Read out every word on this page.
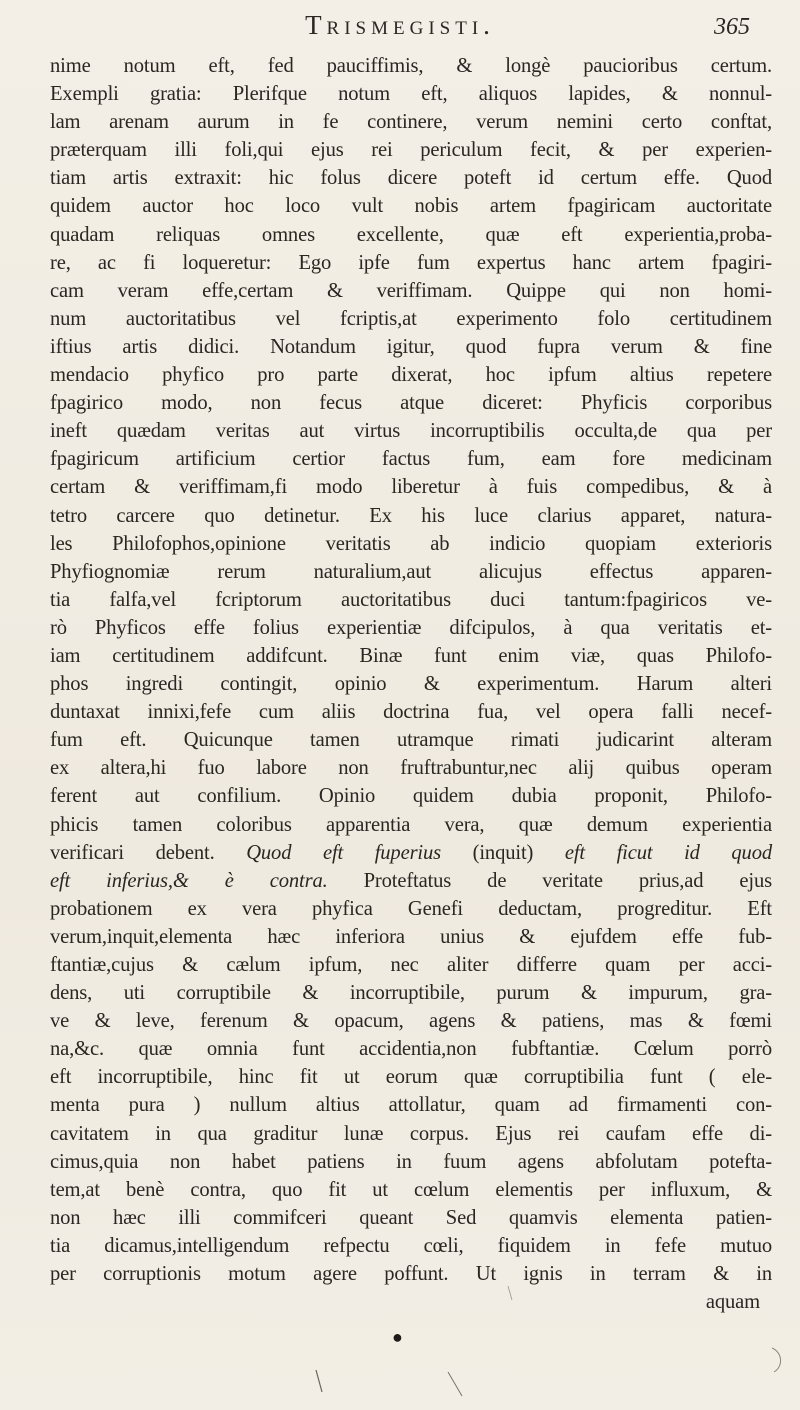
Trismegisti.	365
nime notum eft, fed pauciffimis, & longè paucioribus certum.
Exempli gratia: Plerifque notum eft, aliquos lapides, & nonnul-
lam arenam aurum in fe continere, verum nemini certo conftat,
præterquam illi foli,qui ejus rei periculum fecit, & per experien-
tiam artis extraxit: hic folus dicere poteft id certum effe. Quod
quidem auctor hoc loco vult nobis artem fpagiricam auctoritate
quadam reliquas omnes excellente, quæ eft experientia,proba-
re, ac fi loqueretur: Ego ipfe fum expertus hanc artem fpagiri-
cam veram effe,certam & veriffimam. Quippe qui non homi-
num auctoritatibus vel fcriptis,at experimento folo certitudinem
iftius artis didici. Notandum igitur, quod fupra verum & fine
mendacio phyfico pro parte dixerat, hoc ipfum altius repetere
fpagirico modo, non fecus atque diceret: Phyficis corporibus
ineft quædam veritas aut virtus incorruptibilis occulta,de qua per
fpagiricum artificium certior factus fum, eam fore medicinam
certam & veriffimam,fi modo liberetur à fuis compedibus, & à
tetro carcere quo detinetur. Ex his luce clarius apparet, natura-
les Philofophos,opinione veritatis ab indicio quopiam exterioris
Phyfiognomiæ rerum naturalium,aut alicujus effectus apparen-
tia falfa,vel fcriptorum auctoritatibus duci tantum:fpagiricos ve-
rò Phyficos effe folius experientiæ difcipulos, à qua veritatis et-
iam certitudinem addifcunt. Binæ funt enim viæ, quas Philofo-
phos ingredi contingit, opinio & experimentum. Harum alteri
duntaxat innixi,fefe cum aliis doctrina fua, vel opera falli necef-
fum eft. Quicunque tamen utramque rimati judicarint alteram
ex altera,hi fuo labore non fruftrabuntur,nec alij quibus operam
ferent aut confilium. Opinio quidem dubia proponit, Philofo-
phicis tamen coloribus apparentia vera, quæ demum experientia
verificari debent. Quod eft fuperius (inquit) eft ficut id quod
eft inferius,& è contra. Proteftatus de veritate prius,ad ejus
probationem ex vera phyfica Genefi deductam, progreditur. Eft
verum,inquit,elementa hæc inferiora unius & ejufdem effe fub-
ftantiæ,cujus & cælum ipfum, nec aliter differre quam per acci-
dens, uti corruptibile & incorruptibile, purum & impurum, gra-
ve & leve, ferenum & opacum, agens & patiens, mas & fœmi
na,&c. quæ omnia funt accidentia,non fubftantiæ. Cœlum porrò
eft incorruptibile, hinc fit ut eorum quæ corruptibilia funt ( ele-
menta pura ) nullum altius attollatur, quam ad firmamenti con-
cavitatem in qua graditur lunæ corpus. Ejus rei caufam effe di-
cimus,quia non habet patiens in fuum agens abfolutam potefta-
tem,at benè contra, quo fit ut cœlum elementis per influxum, &
non hæc illi commifceri queant Sed quamvis elementa patien-
tia dicamus,intelligendum refpectu cœli, fiquidem in fefe mutuo
per corruptionis motum agere poffunt. Ut ignis in terram & in
aquam
●
